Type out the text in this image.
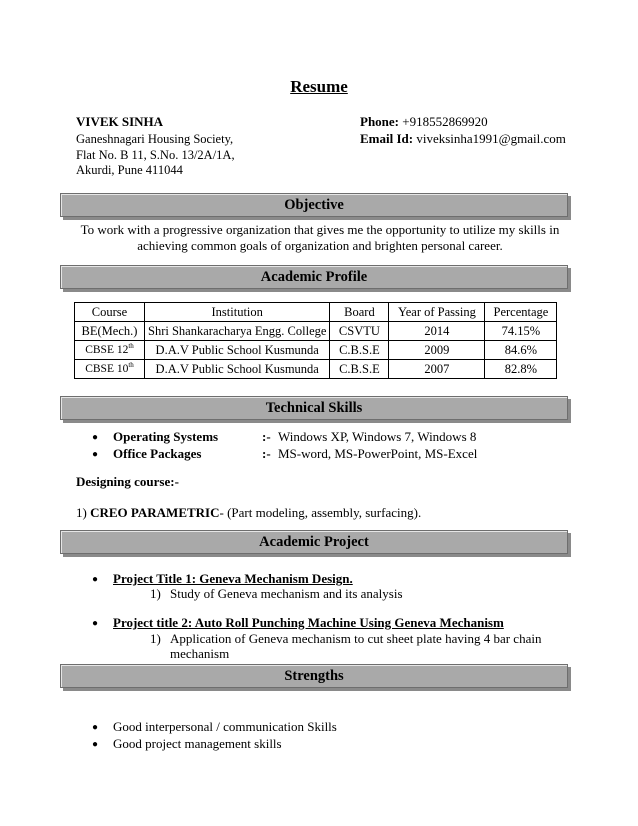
Resume
VIVEK SINHA
Ganeshnagari Housing Society,
Flat No. B 11, S.No. 13/2A/1A,
Akurdi, Pune 411044
Phone: +918552869920
Email Id: viveksinha1991@gmail.com
Objective
To work with a progressive organization that gives me the opportunity to utilize my skills in
achieving common goals of organization and brighten personal career.
Academic Profile
Course	Institution	Board	Year of Passing	Percentage
BE(Mech.)	Shri Shankaracharya Engg. College	CSVTU	2014	74.15%
CBSE 12th	D.A.V Public School Kusmunda	C.B.S.E	2009	84.6%
CBSE 10th	D.A.V Public School Kusmunda	C.B.S.E	2007	82.8%
Technical Skills
● Operating Systems	:- Windows XP, Windows 7, Windows 8
● Office Packages	:- MS-word, MS-PowerPoint, MS-Excel
Designing course:-
1) CREO PARAMETRIC- (Part modeling, assembly, surfacing).
Academic Project
● Project Title 1: Geneva Mechanism Design.
1) Study of Geneva mechanism and its analysis
● Project title 2: Auto Roll Punching Machine Using Geneva Mechanism
1) Application of Geneva mechanism to cut sheet plate having 4 bar chain
mechanism
Strengths
● Good interpersonal / communication Skills
● Good project management skills
